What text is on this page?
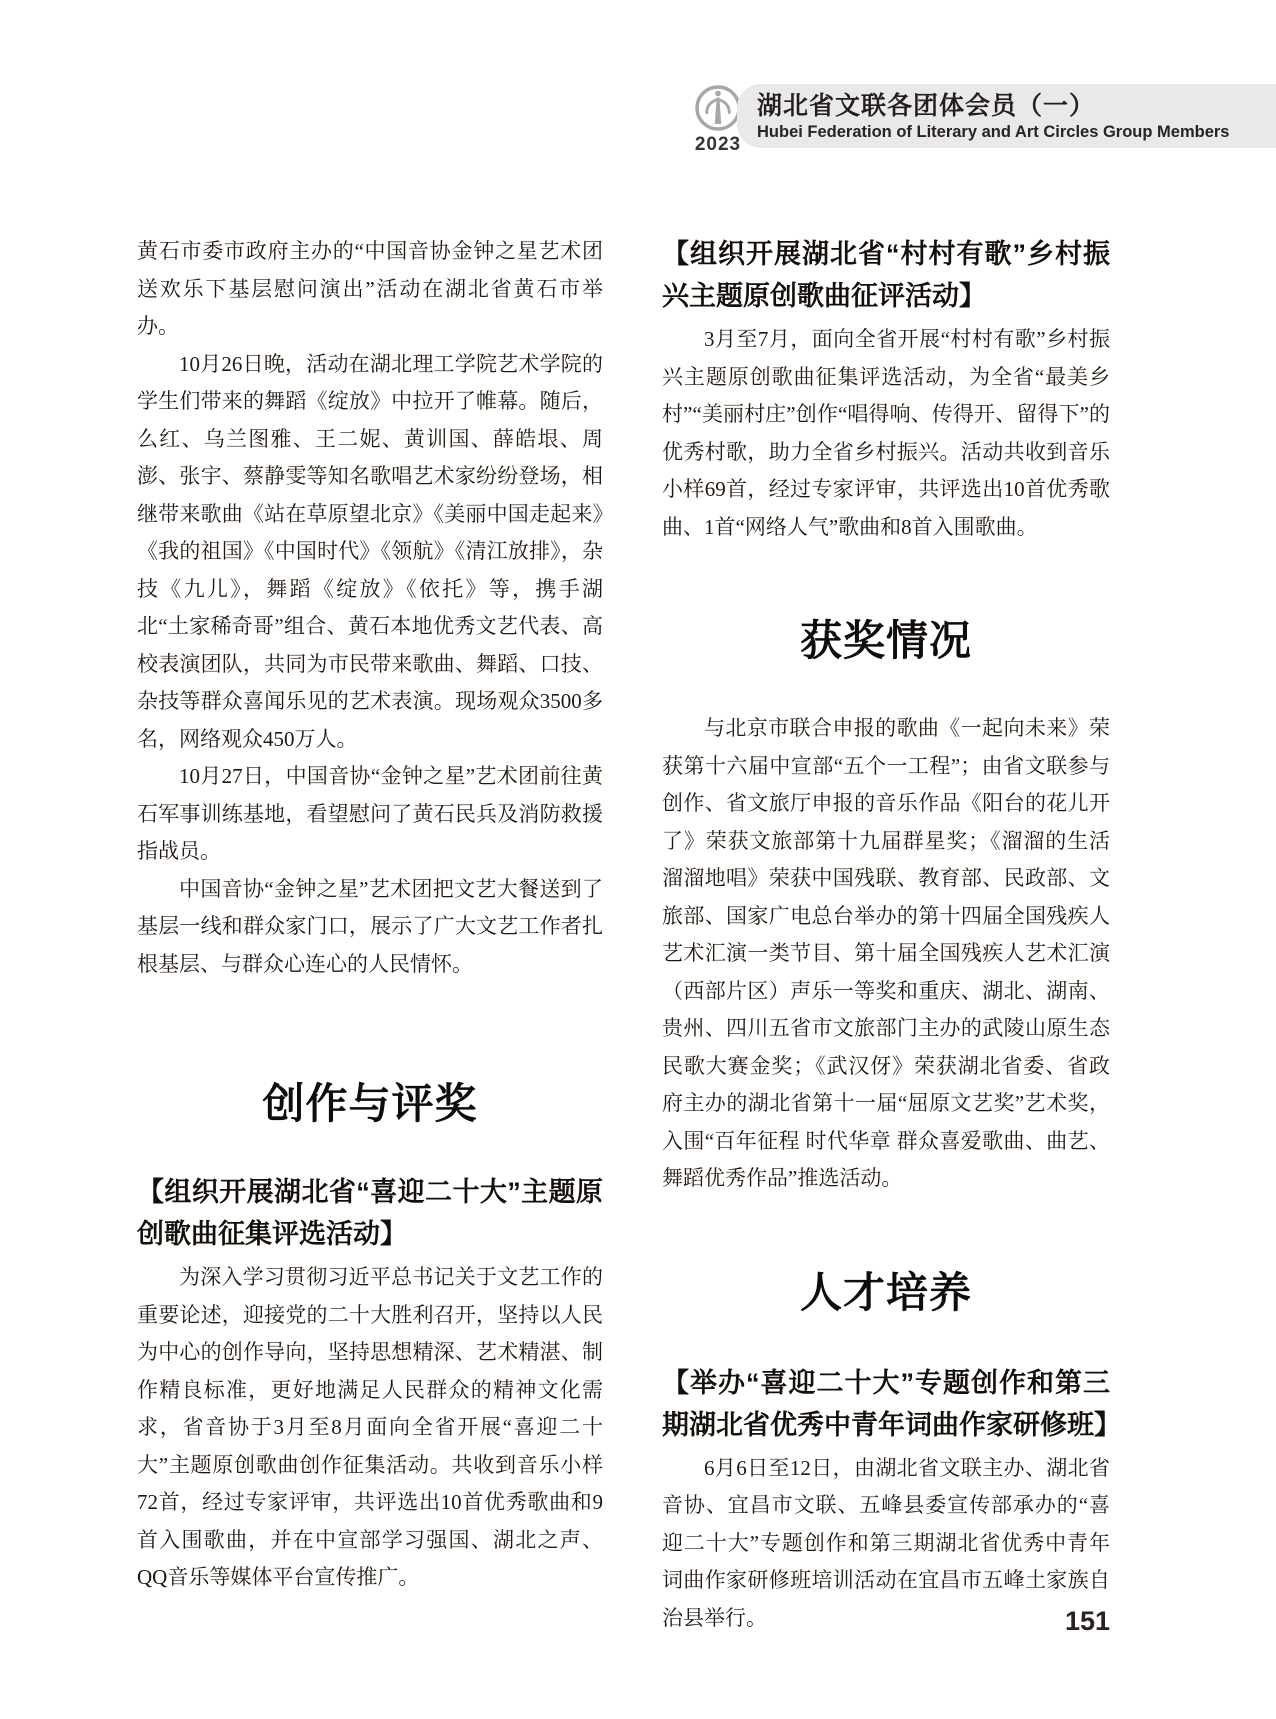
2023
湖北省文联各团体会员（一）
Hubei Federation of Literary and Art Circles Group Members

黄石市委市政府主办的“中国音协金钟之星艺术团送欢乐下基层慰问演出”活动在湖北省黄石市举办。

10月26日晚，活动在湖北理工学院艺术学院的学生们带来的舞蹈《绽放》中拉开了帷幕。随后，么红、乌兰图雅、王二妮、黄训国、薛皓垠、周澎、张宇、蔡静雯等知名歌唱艺术家纷纷登场，相继带来歌曲《站在草原望北京》《美丽中国走起来》《我的祖国》《中国时代》《领航》《清江放排》，杂技《九儿》，舞蹈《绽放》《依托》等，携手湖北“土家稀奇哥”组合、黄石本地优秀文艺代表、高校表演团队，共同为市民带来歌曲、舞蹈、口技、杂技等群众喜闻乐见的艺术表演。现场观众3500多名，网络观众450万人。

10月27日，中国音协“金钟之星”艺术团前往黄石军事训练基地，看望慰问了黄石民兵及消防救援指战员。

中国音协“金钟之星”艺术团把文艺大餐送到了基层一线和群众家门口，展示了广大文艺工作者扎根基层、与群众心连心的人民情怀。

创作与评奖
【组织开展湖北省“喜迎二十大”主题原创歌曲征集评选活动】

为深入学习贯彻习近平总书记关于文艺工作的重要论述，迎接党的二十大胜利召开，坚持以人民为中心的创作导向，坚持思想精深、艺术精湛、制作精良标准，更好地满足人民群众的精神文化需求，省音协于3月至8月面向全省开展“喜迎二十大”主题原创歌曲创作征集活动。共收到音乐小样72首，经过专家评审，共评选出10首优秀歌曲和9首入围歌曲，并在中宣部学习强国、湖北之声、QQ音乐等媒体平台宣传推广。

【组织开展湖北省“村村有歌”乡村振兴主题原创歌曲征评活动】

3月至7月，面向全省开展“村村有歌”乡村振兴主题原创歌曲征集评选活动，为全省“最美乡村”“美丽村庄”创作“唱得响、传得开、留得下”的优秀村歌，助力全省乡村振兴。活动共收到音乐小样69首，经过专家评审，共评选出10首优秀歌曲、1首“网络人气”歌曲和8首入围歌曲。

获奖情况

与北京市联合申报的歌曲《一起向未来》荣获第十六届中宣部“五个一工程”；由省文联参与创作、省文旅厅申报的音乐作品《阳台的花儿开了》荣获文旅部第十九届群星奖；《溜溜的生活溜溜地唱》荣获中国残联、教育部、民政部、文旅部、国家广电总台举办的第十四届全国残疾人艺术汇演一类节目、第十届全国残疾人艺术汇演（西部片区）声乐一等奖和重庆、湖北、湖南、贵州、四川五省市文旅部门主办的武陵山原生态民歌大赛金奖；《武汉伢》荣获湖北省委、省政府主办的湖北省第十一届“屈原文艺奖”艺术奖，入围“百年征程 时代华章 群众喜爱歌曲、曲艺、舞蹈优秀作品”推选活动。

人才培养
【举办“喜迎二十大”专题创作和第三期湖北省优秀中青年词曲作家研修班】

6月6日至12日，由湖北省文联主办、湖北省音协、宜昌市文联、五峰县委宣传部承办的“喜迎二十大”专题创作和第三期湖北省优秀中青年词曲作家研修班培训活动在宜昌市五峰土家族自治县举行。	151
